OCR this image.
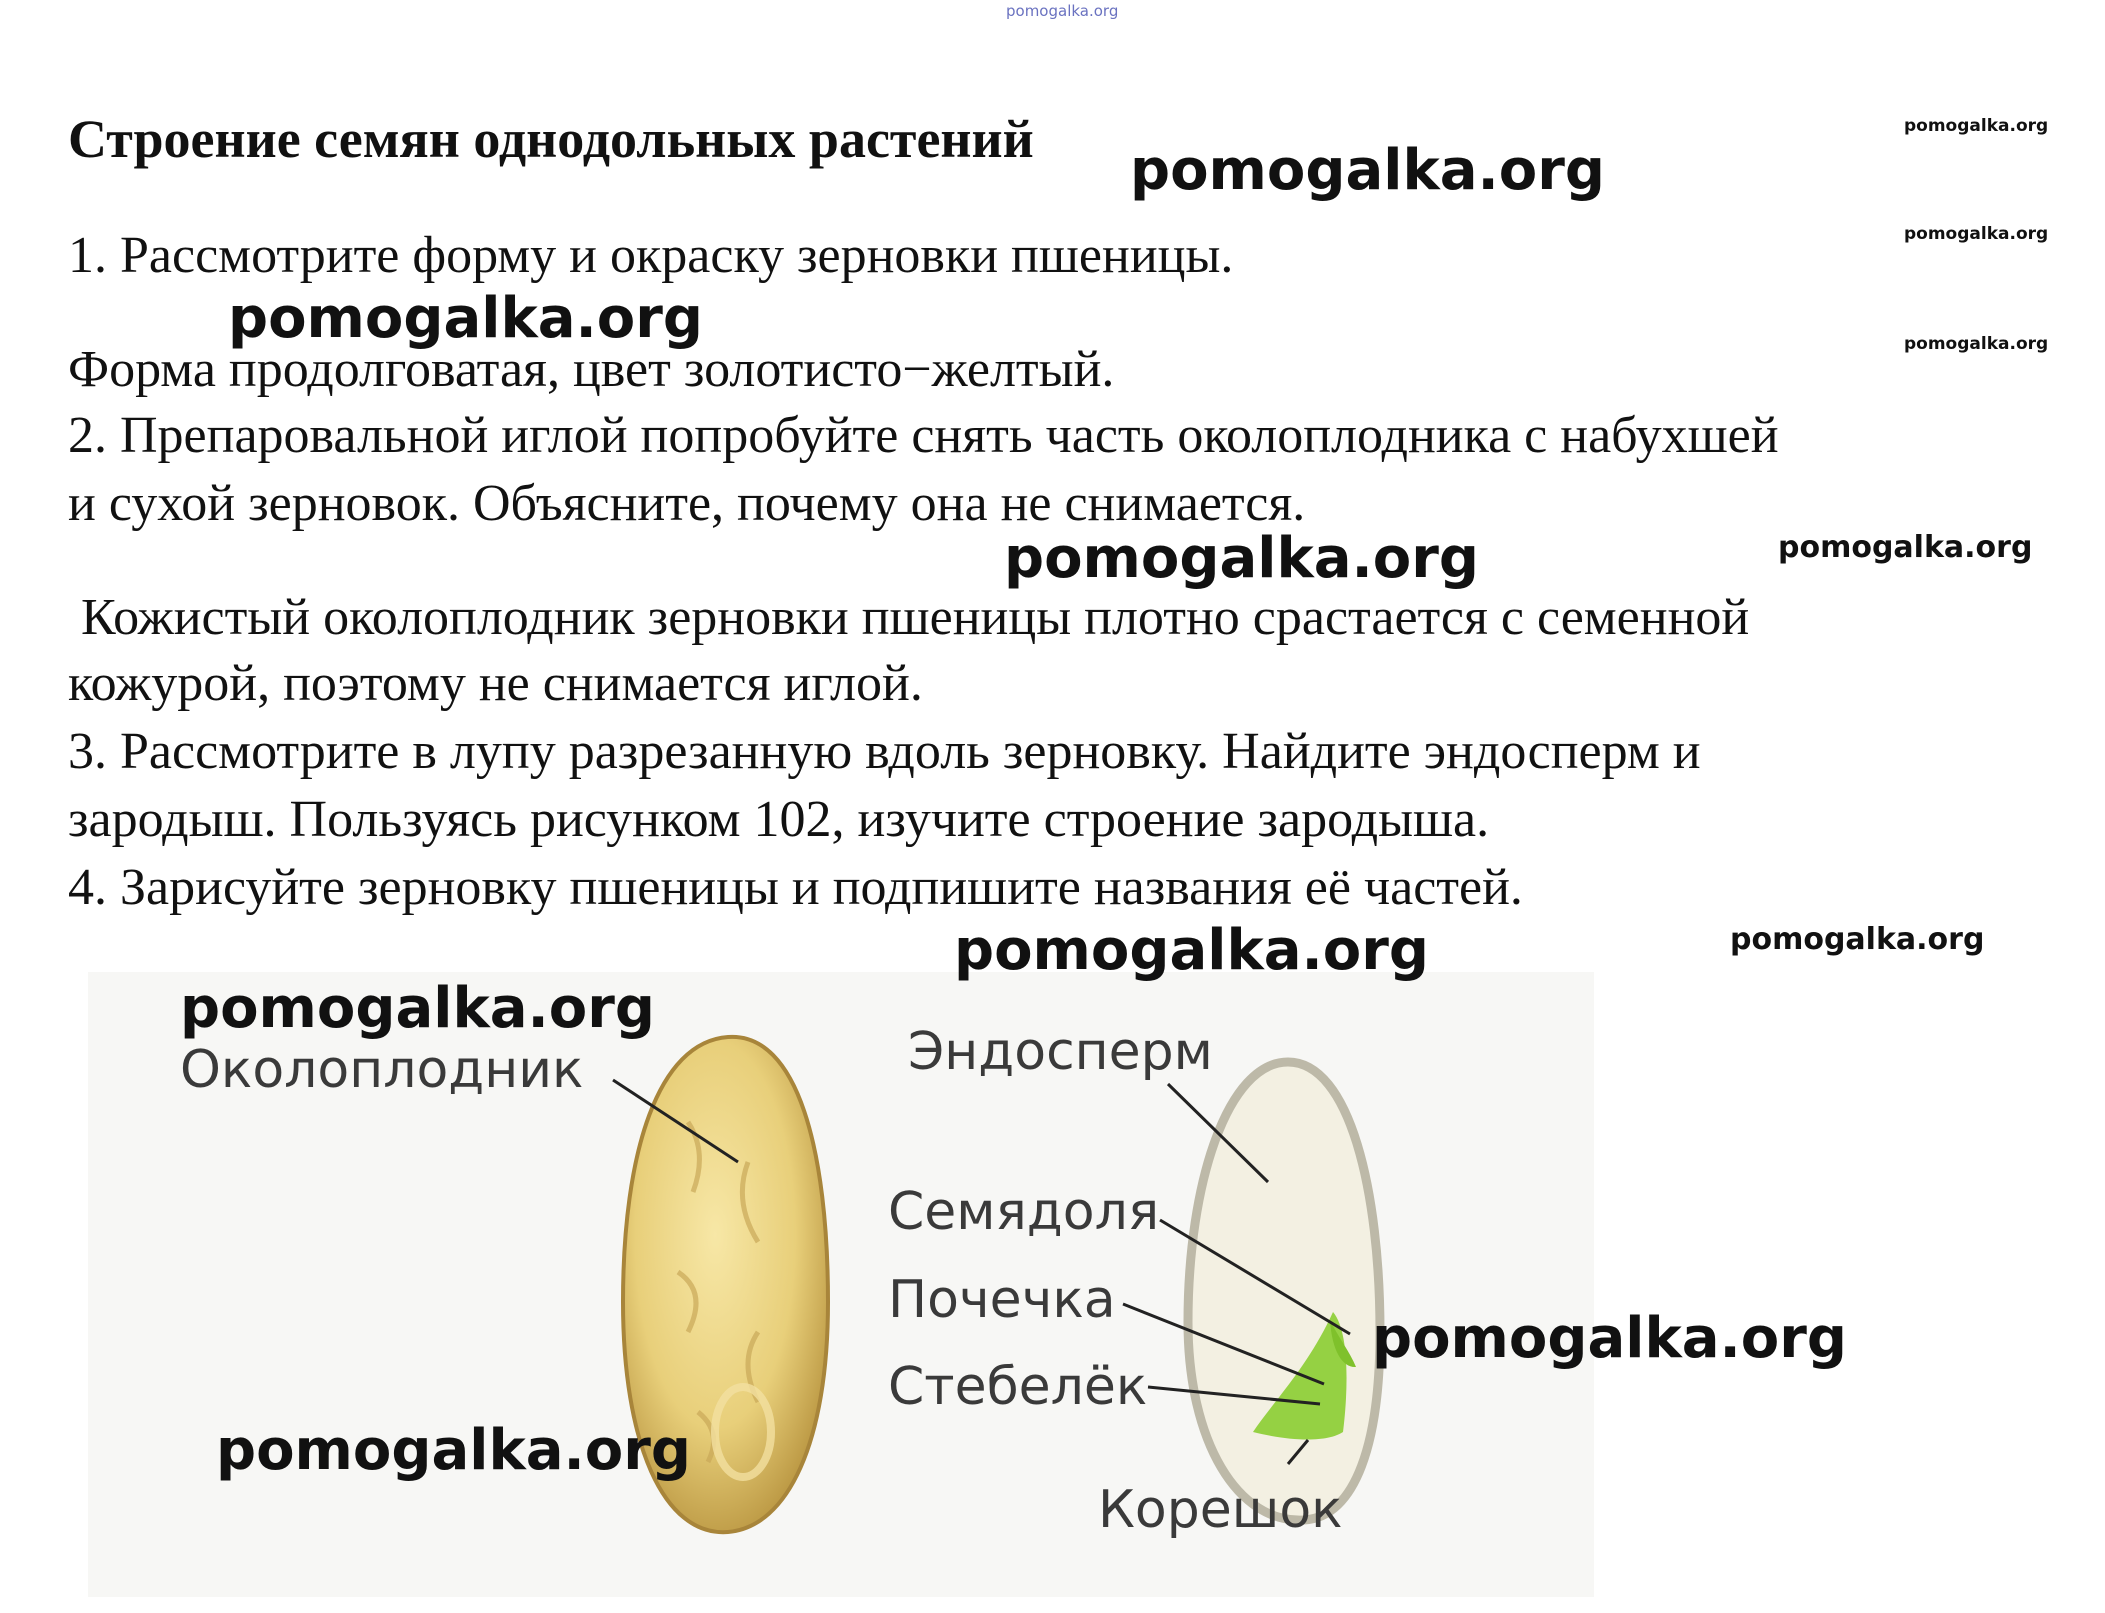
pomogalka.org
Строение семян однодольных растений
1. Рассмотрите форму и окраску зерновки пшеницы.
Форма продолговатая, цвет золотисто−желтый.
2. Препаровальной иглой попробуйте снять часть околоплодника с набухшей
и сухой зерновок. Объясните, почему она не снимается.
Кожистый околоплодник зерновки пшеницы плотно срастается с семенной
кожурой, поэтому не снимается иглой.
3. Рассмотрите в лупу разрезанную вдоль зерновку. Найдите эндосперм и
зародыш. Пользуясь рисунком 102, изучите строение зародыша.
4. Зарисуйте зерновку пшеницы и подпишите названия её частей.
Околоплодник	Эндосперм
Семядоля
Почечка
Стебелёк
Корешок
pomogalka.org
pomogalka.org
pomogalka.org
pomogalka.org
pomogalka.org
pomogalka.org
pomogalka.org
pomogalka.org
pomogalka.org
pomogalka.org
pomogalka.org
pomogalka.org
